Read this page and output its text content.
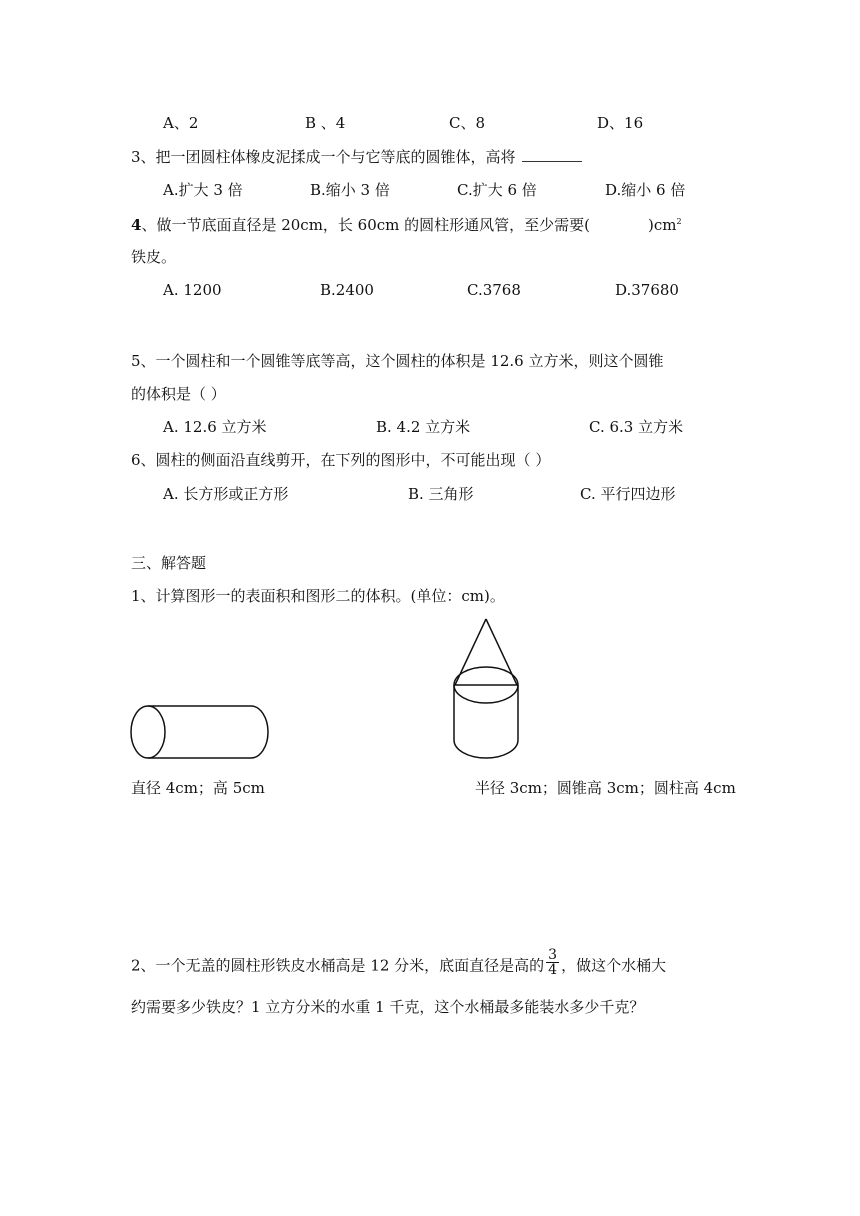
A、2	B 、4	C、8	D、16
3、把一团圆柱体橡皮泥揉成一个与它等底的圆锥体，高将
A.扩大 3 倍	B.缩小 3 倍	C.扩大 6 倍	D.缩小 6 倍
4、做一节底面直径是 20cm，长 60cm 的圆柱形通风管，至少需要(	)$cm^2$
铁皮。
A. 1200	B.2400	C.3768	D.37680
5、一个圆柱和一个圆锥等底等高，这个圆柱的体积是 12.6 立方米，则这个圆锥
的体积是（ ）
A. 12.6 立方米	B. 4.2 立方米	C. 6.3 立方米
6、圆柱的侧面沿直线剪开，在下列的图形中，不可能出现（ ）
A. 长方形或正方形	B. 三角形	C. 平行四边形
三、解答题
1、计算图形一的表面积和图形二的体积。(单位：cm)。
直径 4cm；高 5cm	半径 3cm；圆锥高 3cm；圆柱高 4cm
2、一个无盖的圆柱形铁皮水桶高是 12 分米，底面直径是高的 $\frac{3}{4}$ ，做这个水桶大
约需要多少铁皮？1 立方分米的水重 1 千克，这个水桶最多能装水多少千克？
